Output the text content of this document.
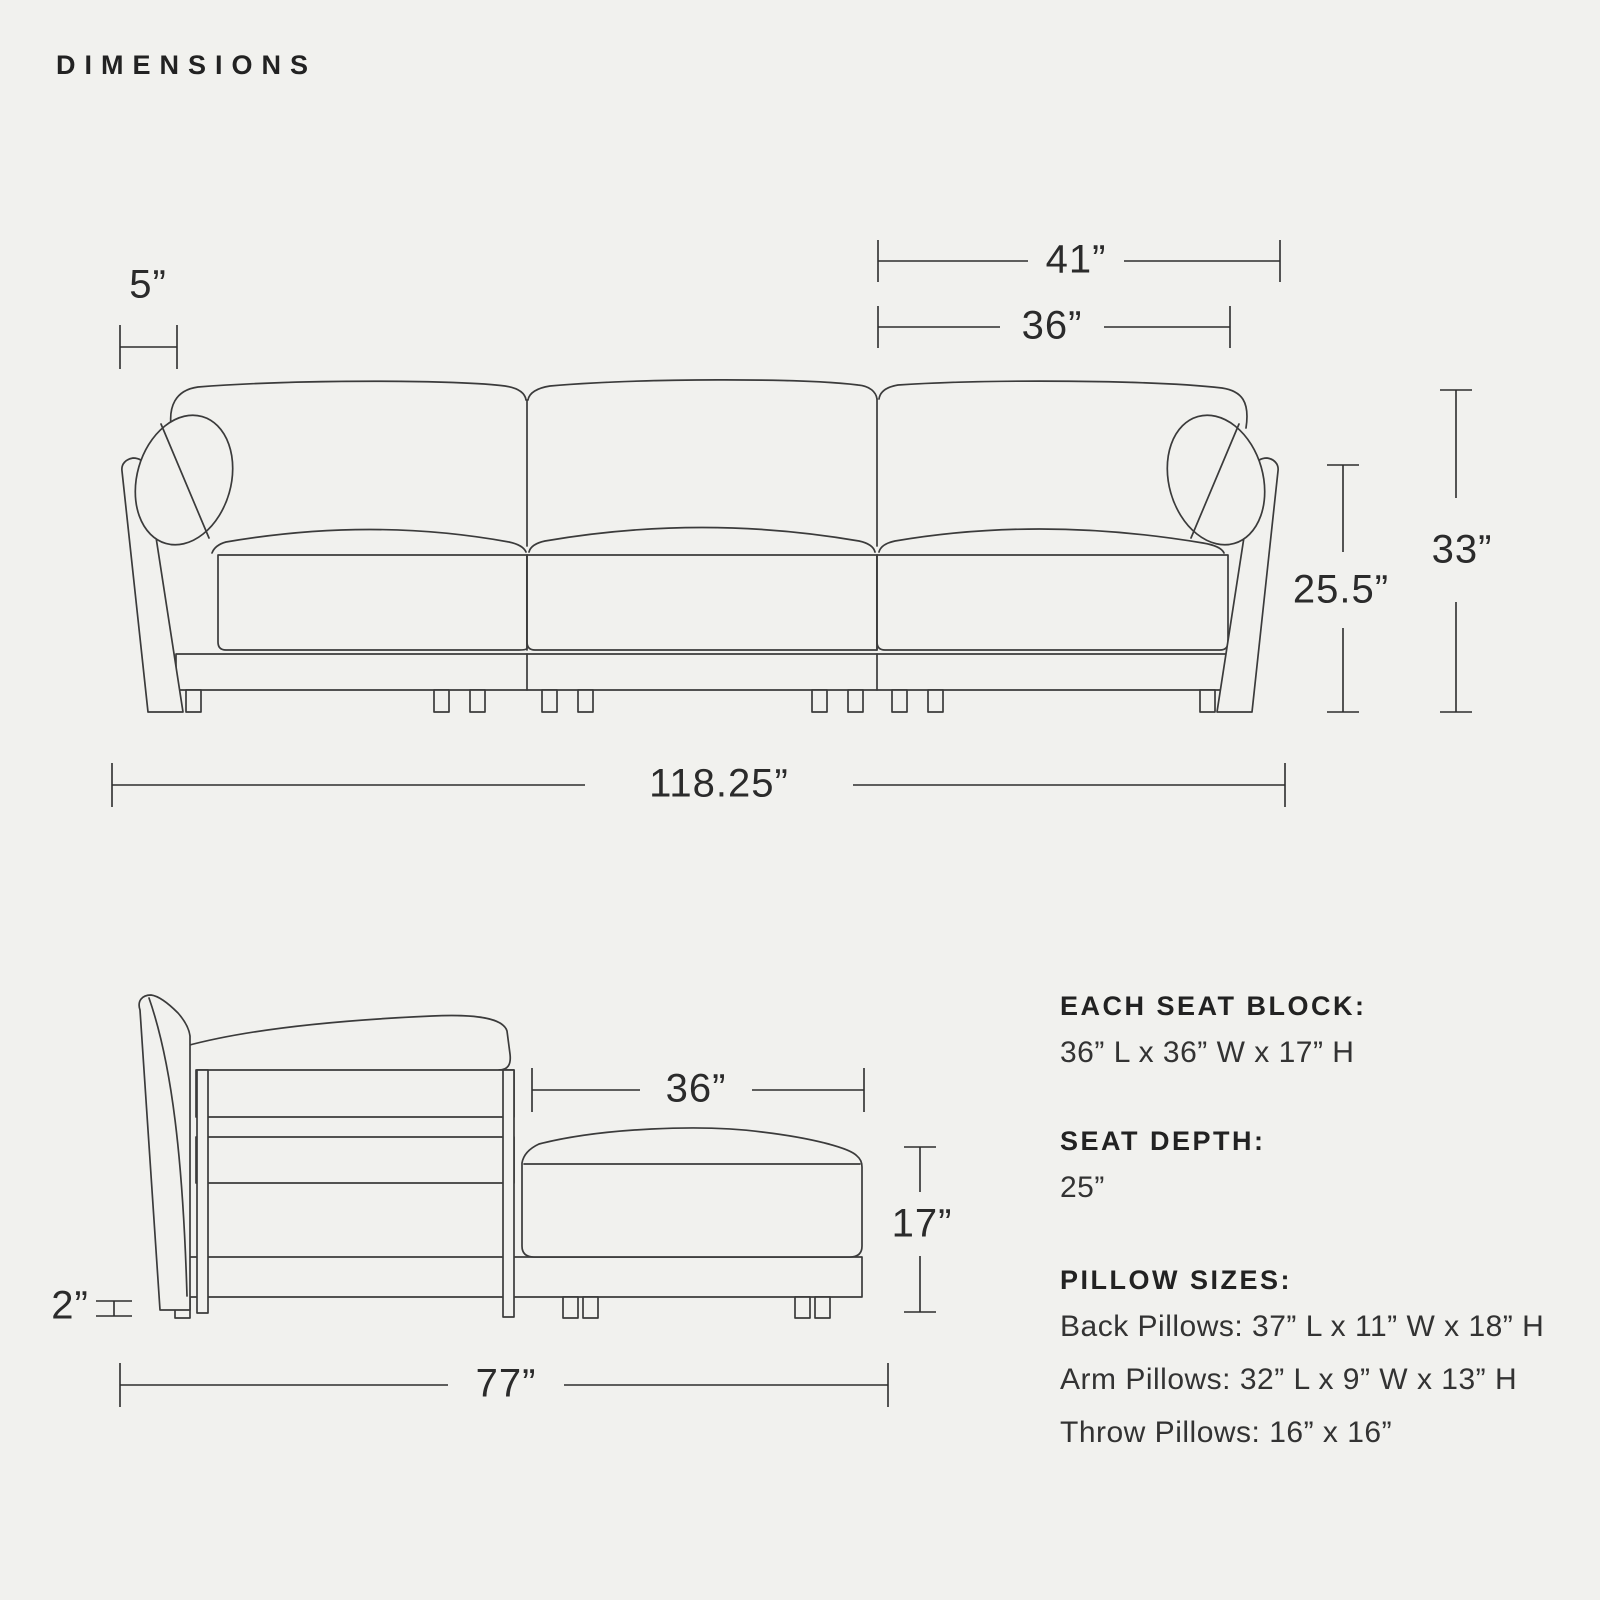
DIMENSIONS
5”
41”
36”
33”
25.5”
118.25”
36”
17”
2”
77”
EACH SEAT BLOCK:
36” L x 36” W x 17” H
SEAT DEPTH:
25”
PILLOW SIZES:
Back Pillows: 37” L x 11” W x 18” H
Arm Pillows: 32” L x 9” W x 13” H
Throw Pillows: 16” x 16”
